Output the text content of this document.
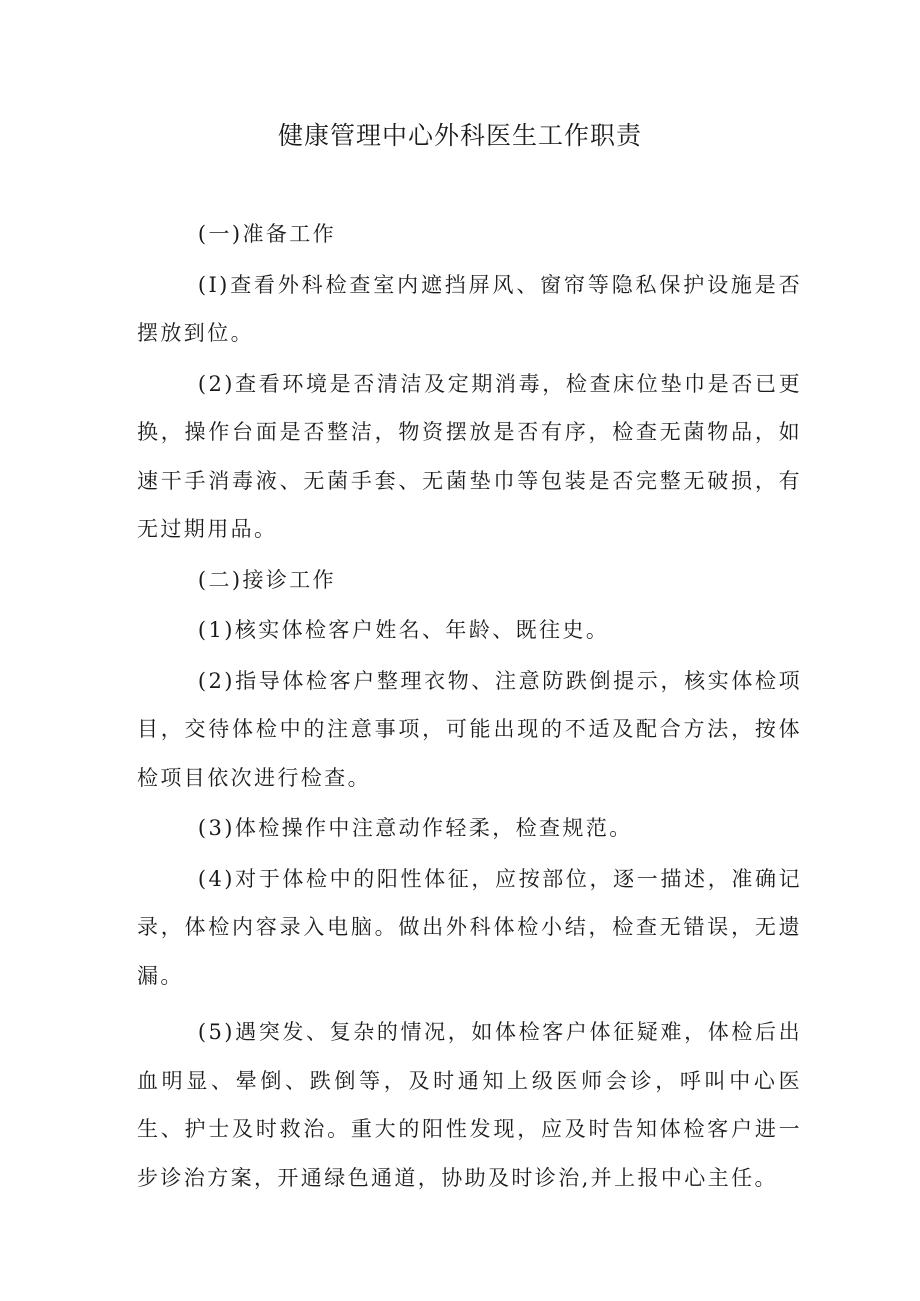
健康管理中心外科医生工作职责

(一)准备工作

(I)查看外科检查室内遮挡屏风、窗帘等隐私保护设施是否摆放到位。

(2)查看环境是否清洁及定期消毒，检查床位垫巾是否已更换，操作台面是否整洁，物资摆放是否有序，检查无菌物品，如速干手消毒液、无菌手套、无菌垫巾等包装是否完整无破损，有无过期用品。

(二)接诊工作

(1)核实体检客户姓名、年龄、既往史。

(2)指导体检客户整理衣物、注意防跌倒提示，核实体检项目，交待体检中的注意事项，可能出现的不适及配合方法，按体检项目依次进行检查。

(3)体检操作中注意动作轻柔，检查规范。

(4)对于体检中的阳性体征，应按部位，逐一描述，准确记录，体检内容录入电脑。做出外科体检小结，检查无错误，无遗漏。

(5)遇突发、复杂的情况，如体检客户体征疑难，体检后出血明显、晕倒、跌倒等，及时通知上级医师会诊，呼叫中心医生、护士及时救治。重大的阳性发现，应及时告知体检客户进一步诊治方案，开通绿色通道，协助及时诊治,并上报中心主任。
